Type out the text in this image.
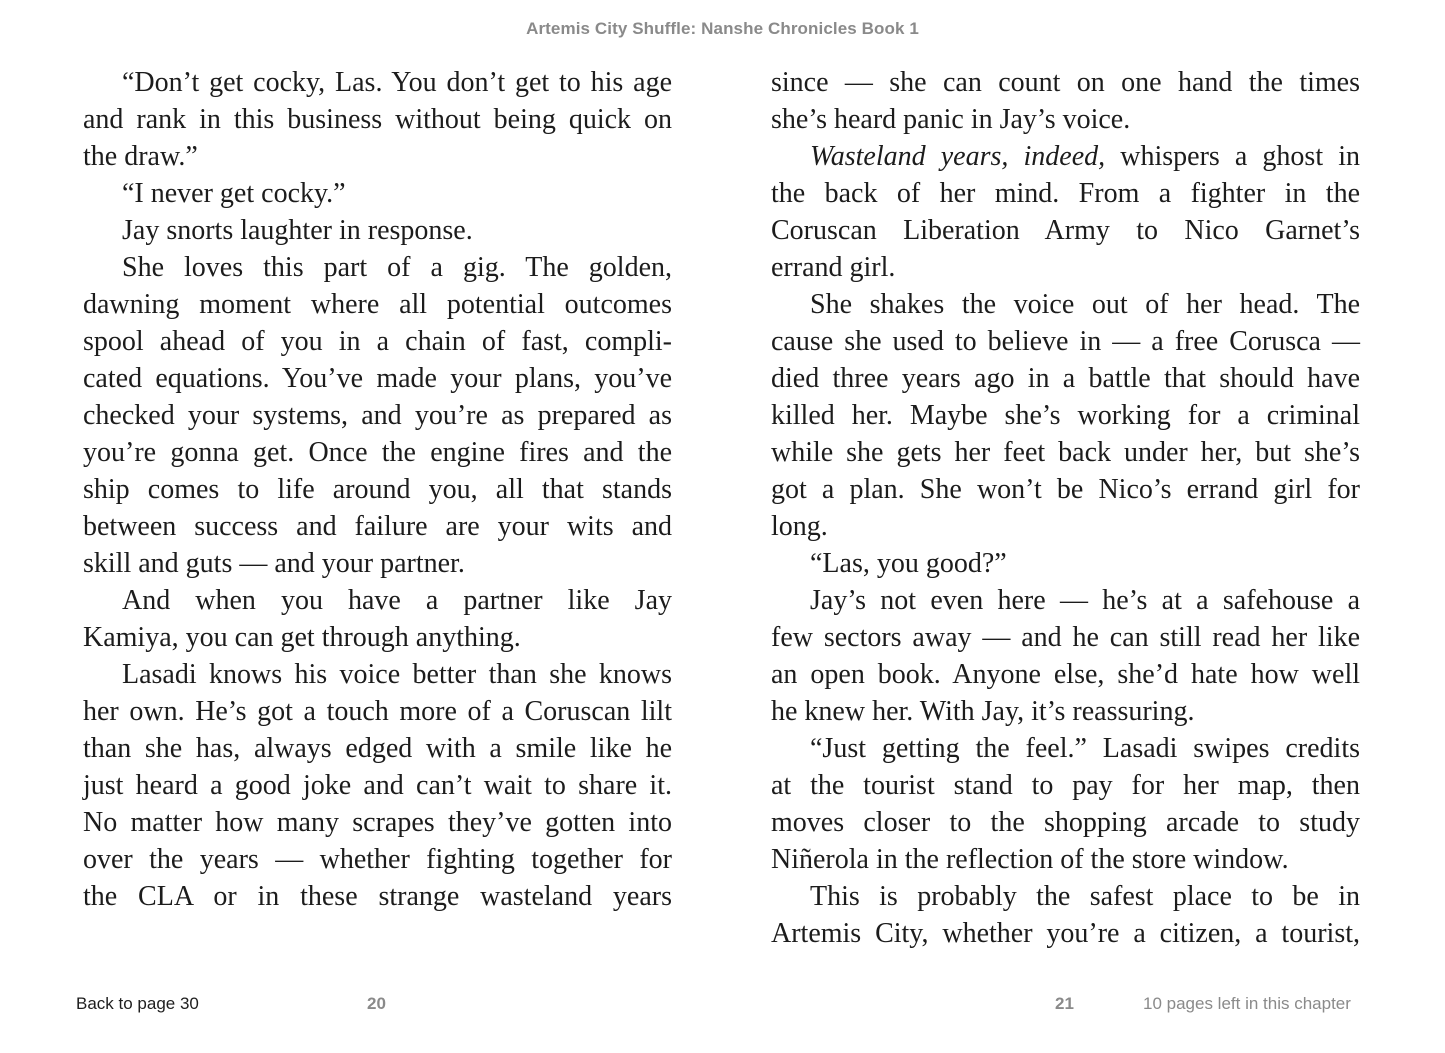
Artemis City Shuffle: Nanshe Chronicles Book 1
“Don’t get cocky, Las. You don’t get to his age
and rank in this business without being quick on
the draw.”
“I never get cocky.”
Jay snorts laughter in response.
She loves this part of a gig. The golden,
dawning moment where all potential outcomes
spool ahead of you in a chain of fast, compli-
cated equations. You’ve made your plans, you’ve
checked your systems, and you’re as prepared as
you’re gonna get. Once the engine fires and the
ship comes to life around you, all that stands
between success and failure are your wits and
skill and guts — and your partner.
And when you have a partner like Jay
Kamiya, you can get through anything.
Lasadi knows his voice better than she knows
her own. He’s got a touch more of a Coruscan lilt
than she has, always edged with a smile like he
just heard a good joke and can’t wait to share it.
No matter how many scrapes they’ve gotten into
over the years — whether fighting together for
the CLA or in these strange wasteland years
since — she can count on one hand the times
she’s heard panic in Jay’s voice.
Wasteland years, indeed, whispers a ghost in
the back of her mind. From a fighter in the
Coruscan Liberation Army to Nico Garnet’s
errand girl.
She shakes the voice out of her head. The
cause she used to believe in — a free Corusca —
died three years ago in a battle that should have
killed her. Maybe she’s working for a criminal
while she gets her feet back under her, but she’s
got a plan. She won’t be Nico’s errand girl for
long.
“Las, you good?”
Jay’s not even here — he’s at a safehouse a
few sectors away — and he can still read her like
an open book. Anyone else, she’d hate how well
he knew her. With Jay, it’s reassuring.
“Just getting the feel.” Lasadi swipes credits
at the tourist stand to pay for her map, then
moves closer to the shopping arcade to study
Niñerola in the reflection of the store window.
This is probably the safest place to be in
Artemis City, whether you’re a citizen, a tourist,
Back to page 30	20	21	10 pages left in this chapter
